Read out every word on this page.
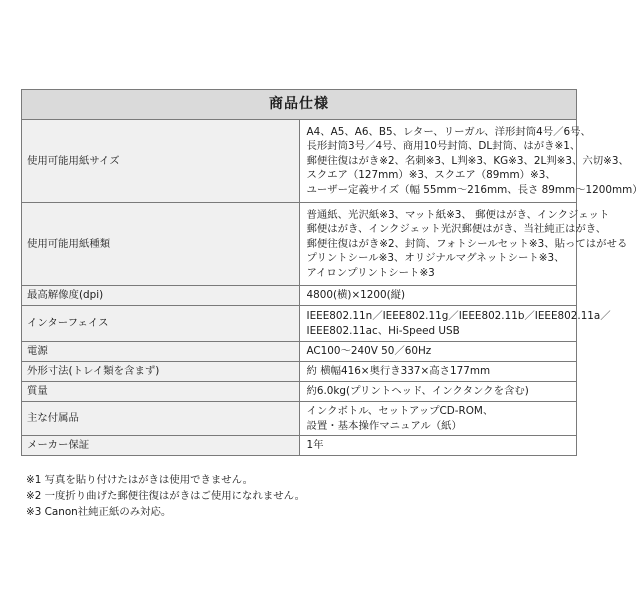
商品仕様	
使用可能用紙サイズ	A4、A5、A6、B5、レター、リーガル、洋形封筒4号／6号、
長形封筒3号／4号、商用10号封筒、DL封筒、はがき※1、
郵便往復はがき※2、名刺※3、L判※3、KG※3、2L判※3、六切※3、
スクエア（127mm）※3、スクエア（89mm）※3、
ユーザー定義サイズ（幅 55mm〜216mm、長さ 89mm〜1200mm）

使用可能用紙種類	普通紙、光沢紙※3、マット紙※3、 郵便はがき、インクジェット
郵便はがき、インクジェット光沢郵便はがき、当社純正はがき、
郵便往復はがき※2、封筒、フォトシールセット※3、貼ってはがせる
プリントシール※3、オリジナルマグネットシート※3、
アイロンプリントシート※3

最高解像度(dpi)	4800(横)×1200(縦)

インターフェイス	IEEE802.11n／IEEE802.11g／IEEE802.11b／IEEE802.11a／
IEEE802.11ac、Hi-Speed USB

電源	AC100〜240V 50／60Hz

外形寸法(トレイ類を含まず)	約 横幅416×奥行き337×高さ177mm

質量	約6.0kg(プリントヘッド、インクタンクを含む)

主な付属品	インクボトル、セットアップCD-ROM、
設置・基本操作マニュアル（紙）

メーカー保証	1年
※1 写真を貼り付けたはがきは使用できません。
※2 一度折り曲げた郵便往復はがきはご使用になれません。
※3 Canon社純正紙のみ対応。
